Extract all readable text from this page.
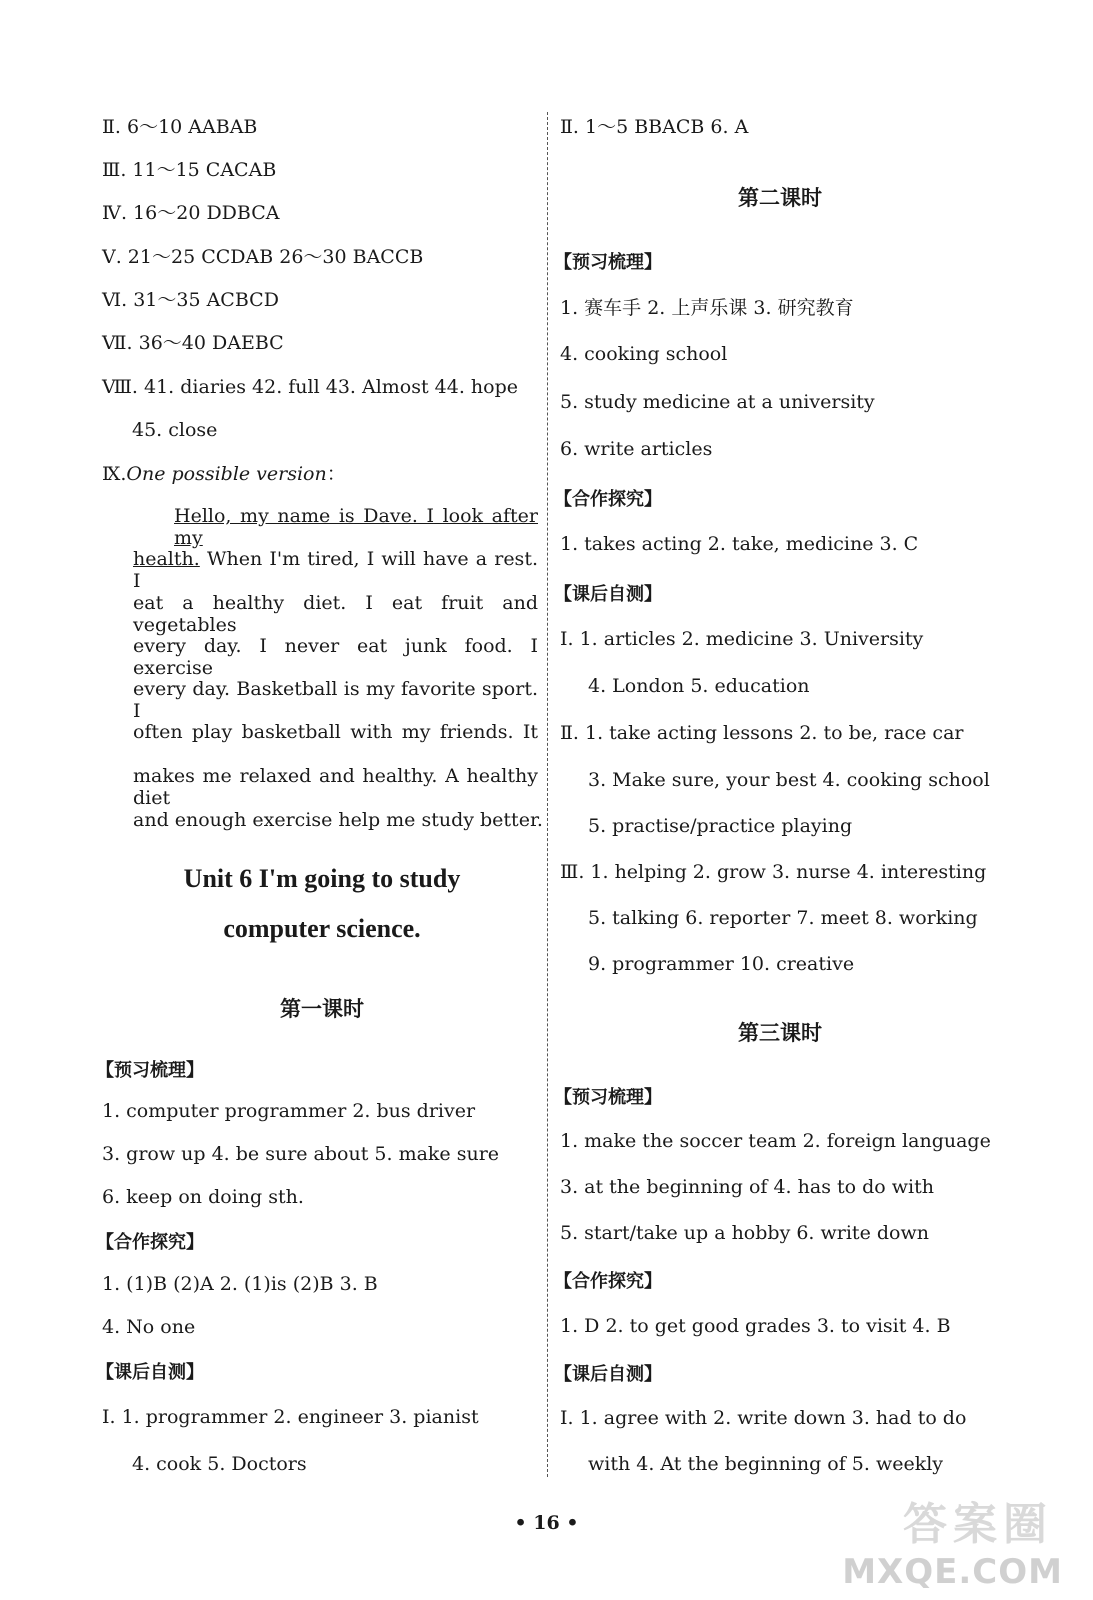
Ⅱ. 6～10 AABAB
Ⅲ. 11～15 CACAB
Ⅳ. 16～20 DDBCA
Ⅴ. 21～25 CCDAB 26～30 BACCB
Ⅵ. 31～35 ACBCD
Ⅶ. 36～40 DAEBC
Ⅷ. 41. diaries 42. full 43. Almost 44. hope
45. close
Ⅸ.One possible version：
Hello, my name is Dave. I look after my
health. When I'm tired, I will have a rest. I
eat a healthy diet. I eat fruit and vegetables
every day. I never eat junk food. I exercise
every day. Basketball is my favorite sport. I
often play basketball with my friends. It
makes me relaxed and healthy. A healthy diet
and enough exercise help me study better.
Unit 6 I'm going to study
computer science.
第一课时
【预习梳理】
1. computer programmer 2. bus driver
3. grow up 4. be sure about 5. make sure
6. keep on doing sth.
【合作探究】
1. (1)B (2)A 2. (1)is (2)B 3. B
4. No one
【课后自测】
Ⅰ. 1. programmer 2. engineer 3. pianist
4. cook 5. Doctors
Ⅱ. 1～5 BBACB 6. A
第二课时
【预习梳理】
1. 赛车手 2. 上声乐课 3. 研究教育
4. cooking school
5. study medicine at a university
6. write articles
【合作探究】
1. takes acting 2. take, medicine 3. C
【课后自测】
Ⅰ. 1. articles 2. medicine 3. University
4. London 5. education
Ⅱ. 1. take acting lessons 2. to be, race car
3. Make sure, your best 4. cooking school
5. practise/practice playing
Ⅲ. 1. helping 2. grow 3. nurse 4. interesting
5. talking 6. reporter 7. meet 8. working
9. programmer 10. creative
第三课时
【预习梳理】
1. make the soccer team 2. foreign language
3. at the beginning of 4. has to do with
5. start/take up a hobby 6. write down
【合作探究】
1. D 2. to get good grades 3. to visit 4. B
【课后自测】
Ⅰ. 1. agree with 2. write down 3. had to do
with 4. At the beginning of 5. weekly
• 16 •	答案圈
MXQE.COM
